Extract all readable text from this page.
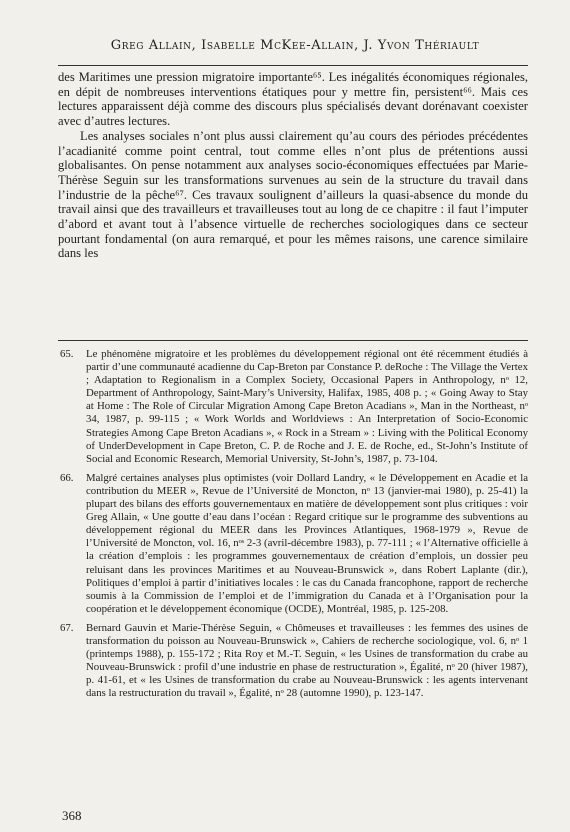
Greg Allain, Isabelle McKee-Allain, J. Yvon Thériault

des Maritimes une pression migratoire importante⁶⁵. Les inégalités économiques régionales, en dépit de nombreuses interventions étatiques pour y mettre fin, persistent⁶⁶. Mais ces lectures apparaissent déjà comme des discours plus spécialisés devant dorénavant coexister avec d’autres lectures.

Les analyses sociales n’ont plus aussi clairement qu’au cours des périodes précédentes l’acadianité comme point central, tout comme elles n’ont plus de prétentions aussi globalisantes. On pense notamment aux analyses socio-économiques effectuées par Marie-Thérèse Seguin sur les transformations survenues au sein de la structure du travail dans l’industrie de la pêche⁶⁷. Ces travaux soulignent d’ailleurs la quasi-absence du monde du travail ainsi que des travailleurs et travailleuses tout au long de ce chapitre : il faut l’imputer d’abord et avant tout à l’absence virtuelle de recherches sociologiques dans ce secteur pourtant fondamental (on aura remarqué, et pour les mêmes raisons, une carence similaire dans les

65.	Le phénomène migratoire et les problèmes du développement régional ont été récemment étudiés à partir d’une communauté acadienne du Cap-Breton par Constance P. deRoche : The Village the Vertex ; Adaptation to Regionalism in a Complex Society, Occasional Papers in Anthropology, nᵒ 12, Department of Anthropology, Saint-Mary’s University, Halifax, 1985, 408 p. ; « Going Away to Stay at Home : The Role of Circular Migration Among Cape Breton Acadians », Man in the Northeast, nᵒ 34, 1987, p. 99-115 ; « Work Worlds and Worldviews : An Interpretation of Socio-Economic Strategies Among Cape Breton Acadians », « Rock in a Stream » : Living with the Political Economy of UnderDevelopment in Cape Breton, C. P. de Roche and J. E. de Roche, ed., St-John’s Institute of Social and Economic Research, Memorial University, St-John’s, 1987, p. 73-104.
66.	Malgré certaines analyses plus optimistes (voir Dollard Landry, « le Développement en Acadie et la contribution du MEER », Revue de l’Université de Moncton, nᵒ 13 (janvier-mai 1980), p. 25-41) la plupart des bilans des efforts gouvernementaux en matière de développement sont plus critiques : voir Greg Allain, « Une goutte d’eau dans l’océan : Regard critique sur le programme des subventions au développement régional du MEER dans les Provinces Atlantiques, 1968-1979 », Revue de l’Université de Moncton, vol. 16, nᵒˢ 2-3 (avril-décembre 1983), p. 77-111 ; « l’Alternative officielle à la création d’emplois : les programmes gouvernementaux de création d’emplois, un dossier peu reluisant dans les provinces Maritimes et au Nouveau-Brunswick », dans Robert Laplante (dir.), Politiques d’emploi à partir d’initiatives locales : le cas du Canada francophone, rapport de recherche soumis à la Commission de l’emploi et de l’immigration du Canada et à l’Organisation pour la coopération et le développement économique (OCDE), Montréal, 1985, p. 125-208.
67.	Bernard Gauvin et Marie-Thérèse Seguin, « Chômeuses et travailleuses : les femmes des usines de transformation du poisson au Nouveau-Brunswick », Cahiers de recherche sociologique, vol. 6, nᵒ 1 (printemps 1988), p. 155-172 ; Rita Roy et M.-T. Seguin, « les Usines de transformation du crabe au Nouveau-Brunswick : profil d’une industrie en phase de restructuration », Égalité, nᵒ 20 (hiver 1987), p. 41-61, et « les Usines de transformation du crabe au Nouveau-Brunswick : les agents intervenant dans la restructuration du travail », Égalité, nᵒ 28 (automne 1990), p. 123-147.
368
